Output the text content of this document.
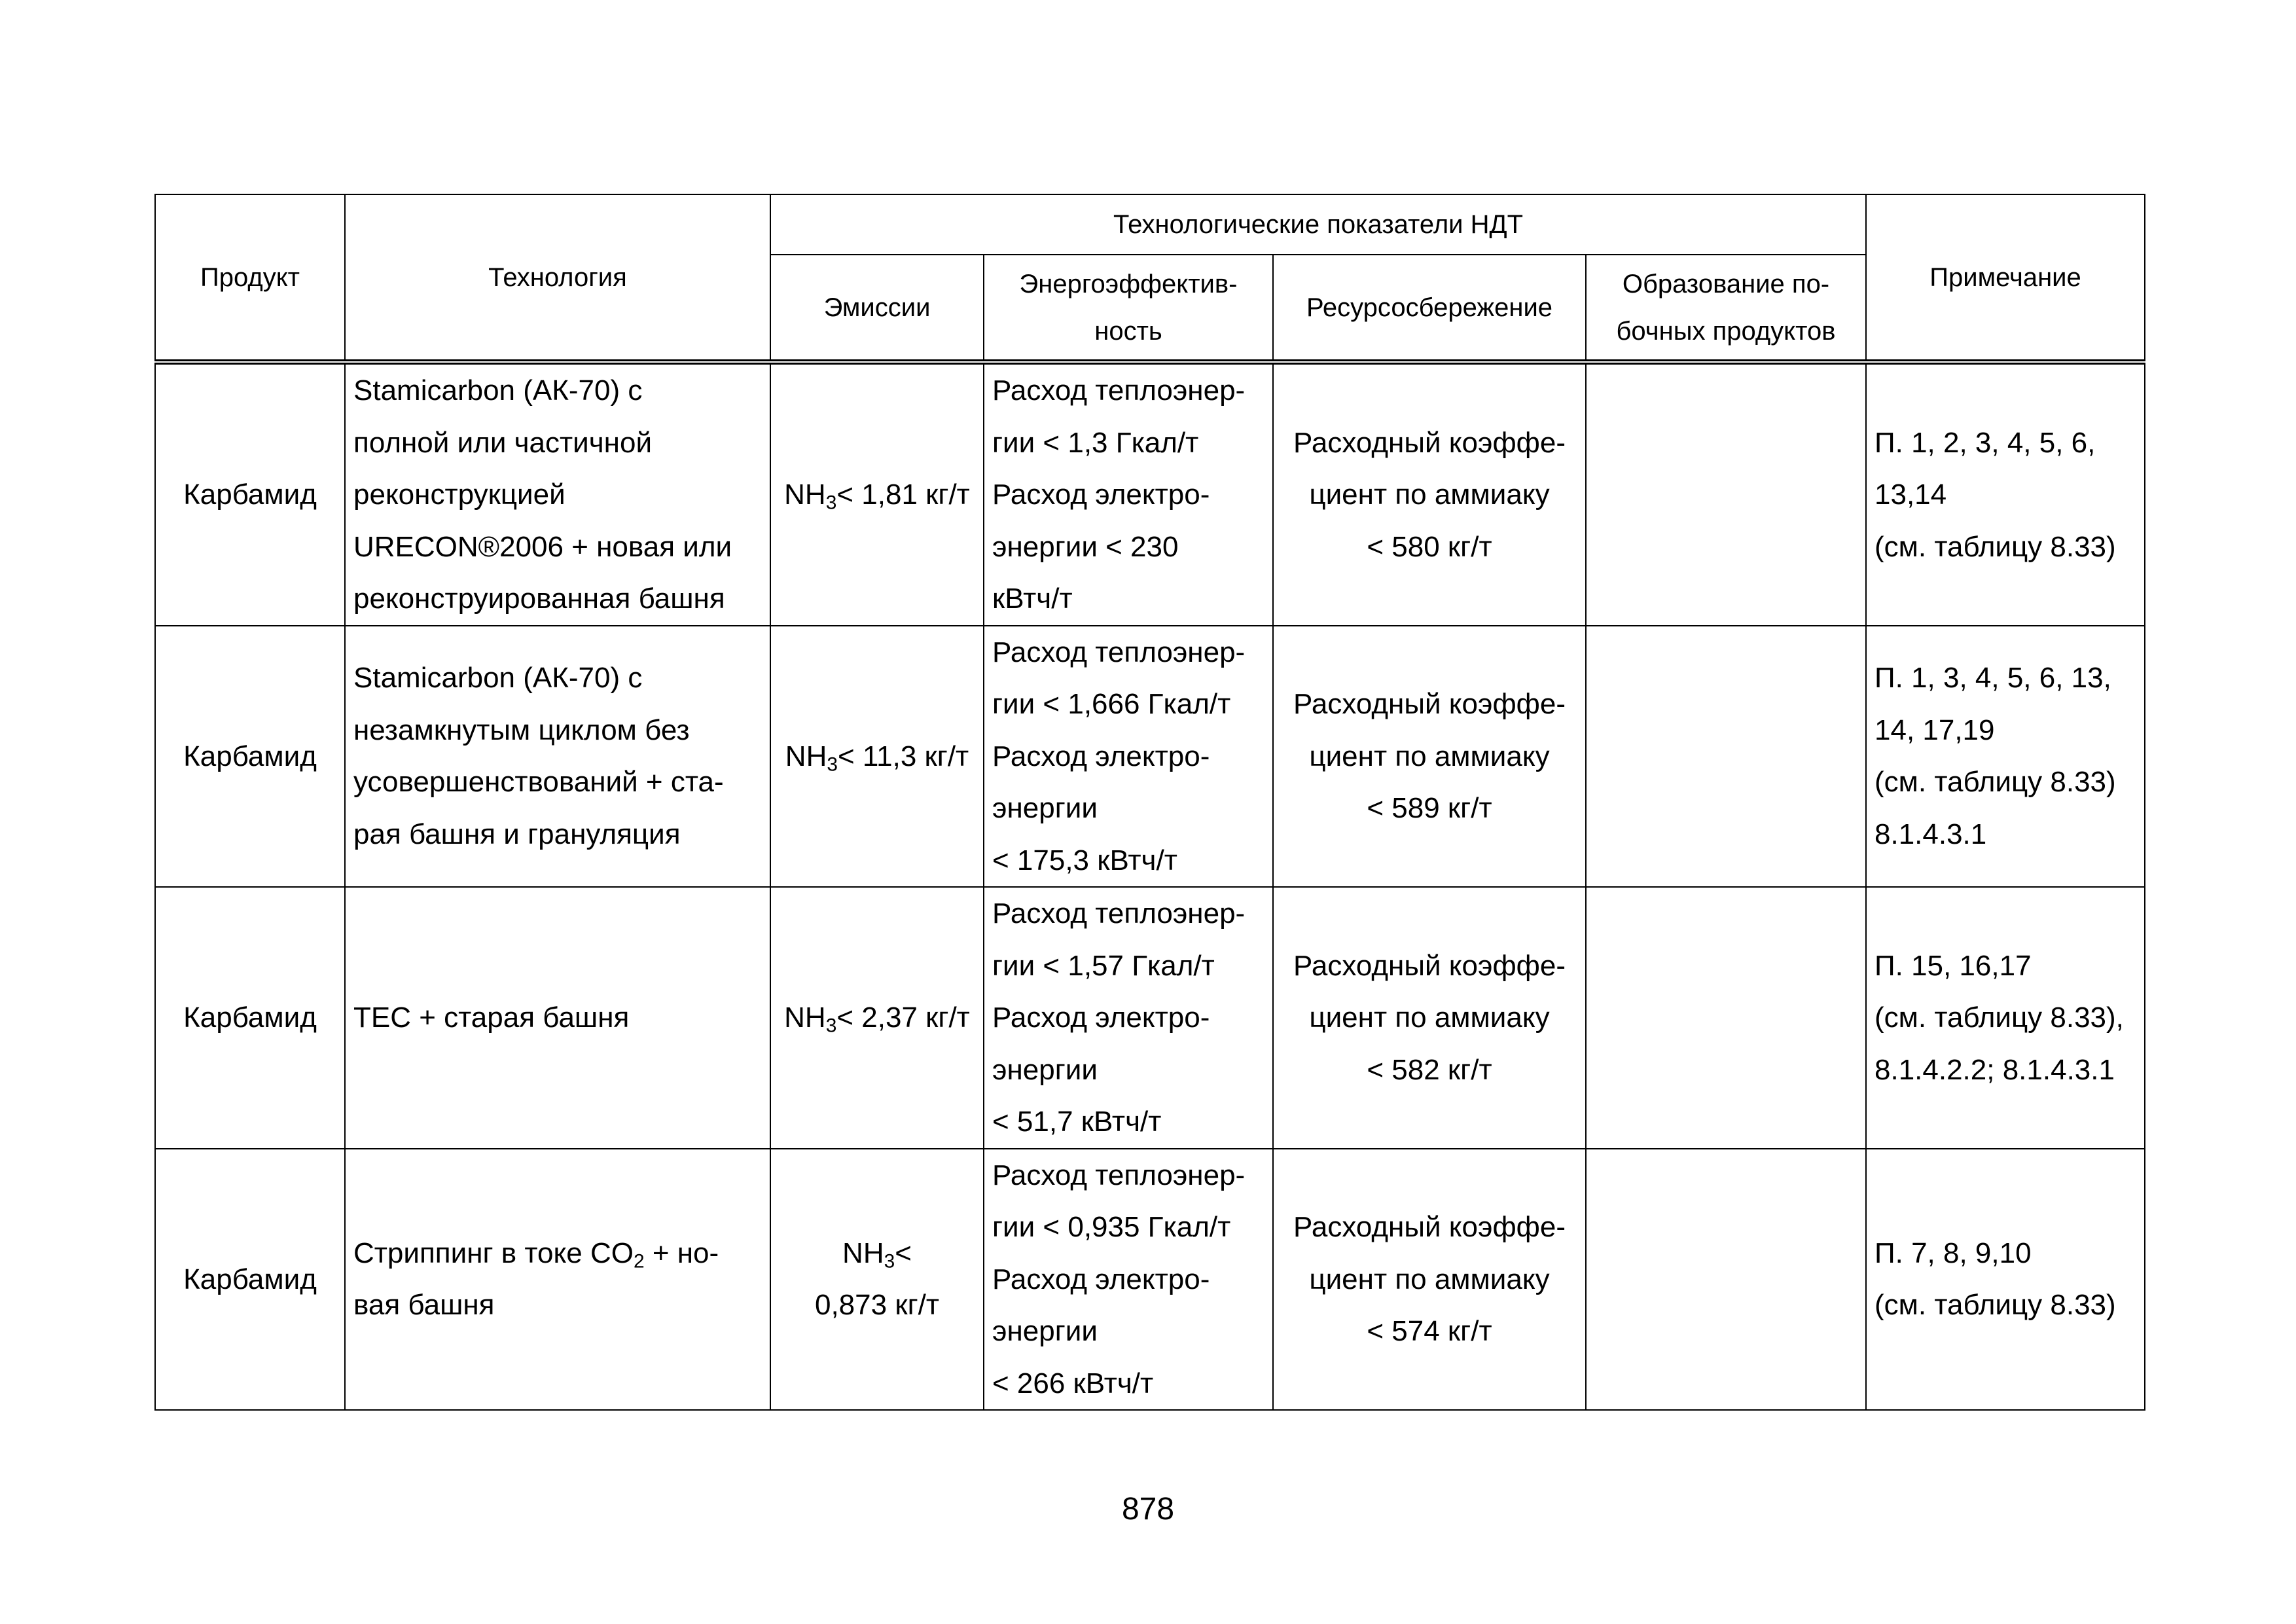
Продукт	Технология	Технологические показатели НДТ				Примечание
		Эмиссии	Энергоэффектив-
ность	Ресурсосбережение	Образование по-
бочных продуктов	

Карбамид	Stamicarbon (АК-70) с
полной или частичной
реконструкцией
URECON®2006 + новая или
реконструированная башня	$NH_3< 1,81$ кг/т	Расход теплоэнер-
гии < 1,3 Гкал/т
Расход электро-
энергии < 230
кВтч/т	Расходный коэффе-
циент по аммиаку
< 580 кг/т		П. 1, 2, 3, 4, 5, 6,
13,14
(см. таблицу 8.33)

Карбамид	Stamicarbon (АК-70) с
незамкнутым циклом без
усовершенствований + ста-
рая башня и грануляция	$NH_3< 11,3$ кг/т	Расход теплоэнер-
гии < 1,666 Гкал/т
Расход электро-
энергии
< 175,3 кВтч/т	Расходный коэффе-
циент по аммиаку
< 589 кг/т		П. 1, 3, 4, 5, 6, 13,
14, 17,19
(см. таблицу 8.33)
8.1.4.3.1

Карбамид	ТЕС + старая башня	$NH_3< 2,37$ кг/т	Расход теплоэнер-
гии < 1,57 Гкал/т
Расход электро-
энергии
< 51,7 кВтч/т	Расходный коэффе-
циент по аммиаку
< 582 кг/т		П. 15, 16,17
(см. таблицу 8.33),
8.1.4.2.2; 8.1.4.3.1

Карбамид	Стриппинг в токе $CO_2 + но-$
вая башня	$NH_3<$
0,873 кг/т	Расход теплоэнер-
гии < 0,935 Гкал/т
Расход электро-
энергии
< 266 кВтч/т	Расходный коэффе-
циент по аммиаку
< 574 кг/т		П. 7, 8, 9,10
(см. таблицу 8.33)
878
